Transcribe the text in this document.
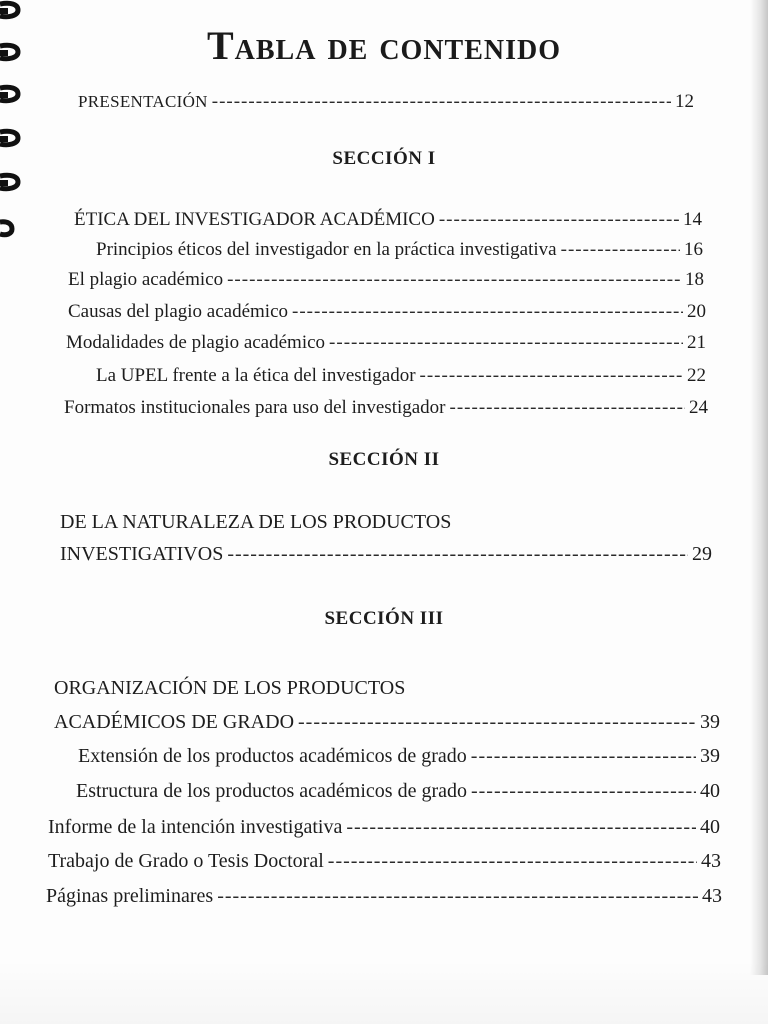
Tabla de contenido
PRESENTACIÓN -----	12
SECCIÓN I
ÉTICA DEL INVESTIGADOR ACADÉMICO -----	14
Principios éticos del investigador en la práctica investigativa -----	16
El plagio académico -----	18
Causas del plagio académico -----	20
Modalidades de plagio académico -----	21
La UPEL frente a la ética del investigador -----	22
Formatos institucionales para uso del investigador -----	24
SECCIÓN II
DE LA NATURALEZA DE LOS PRODUCTOS
INVESTIGATIVOS -----	29
SECCIÓN III
ORGANIZACIÓN DE LOS PRODUCTOS
ACADÉMICOS DE GRADO -----	39
Extensión de los productos académicos de grado -----	39
Estructura de los productos académicos de grado -----	40
Informe de la intención investigativa -----	40
Trabajo de Grado o Tesis Doctoral -----	43
Páginas preliminares -----	43
